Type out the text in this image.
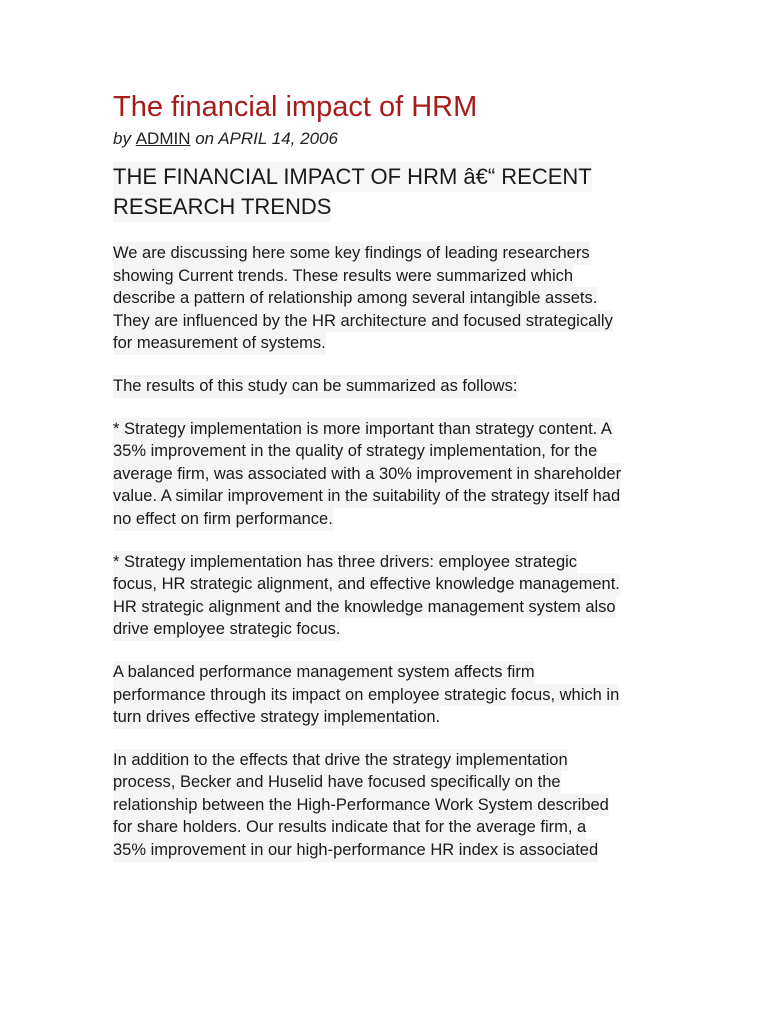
The financial impact of HRM

by ADMIN on APRIL 14, 2006

THE FINANCIAL IMPACT OF HRM â€“ RECENT
RESEARCH TRENDS

We are discussing here some key findings of leading researchers
showing Current trends. These results were summarized which
describe a pattern of relationship among several intangible assets.
They are influenced by the HR architecture and focused strategically
for measurement of systems.

The results of this study can be summarized as follows:

* Strategy implementation is more important than strategy content. A
35% improvement in the quality of strategy implementation, for the
average firm, was associated with a 30% improvement in shareholder
value. A similar improvement in the suitability of the strategy itself had
no effect on firm performance.

* Strategy implementation has three drivers: employee strategic
focus, HR strategic alignment, and effective knowledge management.
HR strategic alignment and the knowledge management system also
drive employee strategic focus.

A balanced performance management system affects firm
performance through its impact on employee strategic focus, which in
turn drives effective strategy implementation.

In addition to the effects that drive the strategy implementation
process, Becker and Huselid have focused specifically on the
relationship between the High-Performance Work System described
for share holders. Our results indicate that for the average firm, a
35% improvement in our high-performance HR index is associated
